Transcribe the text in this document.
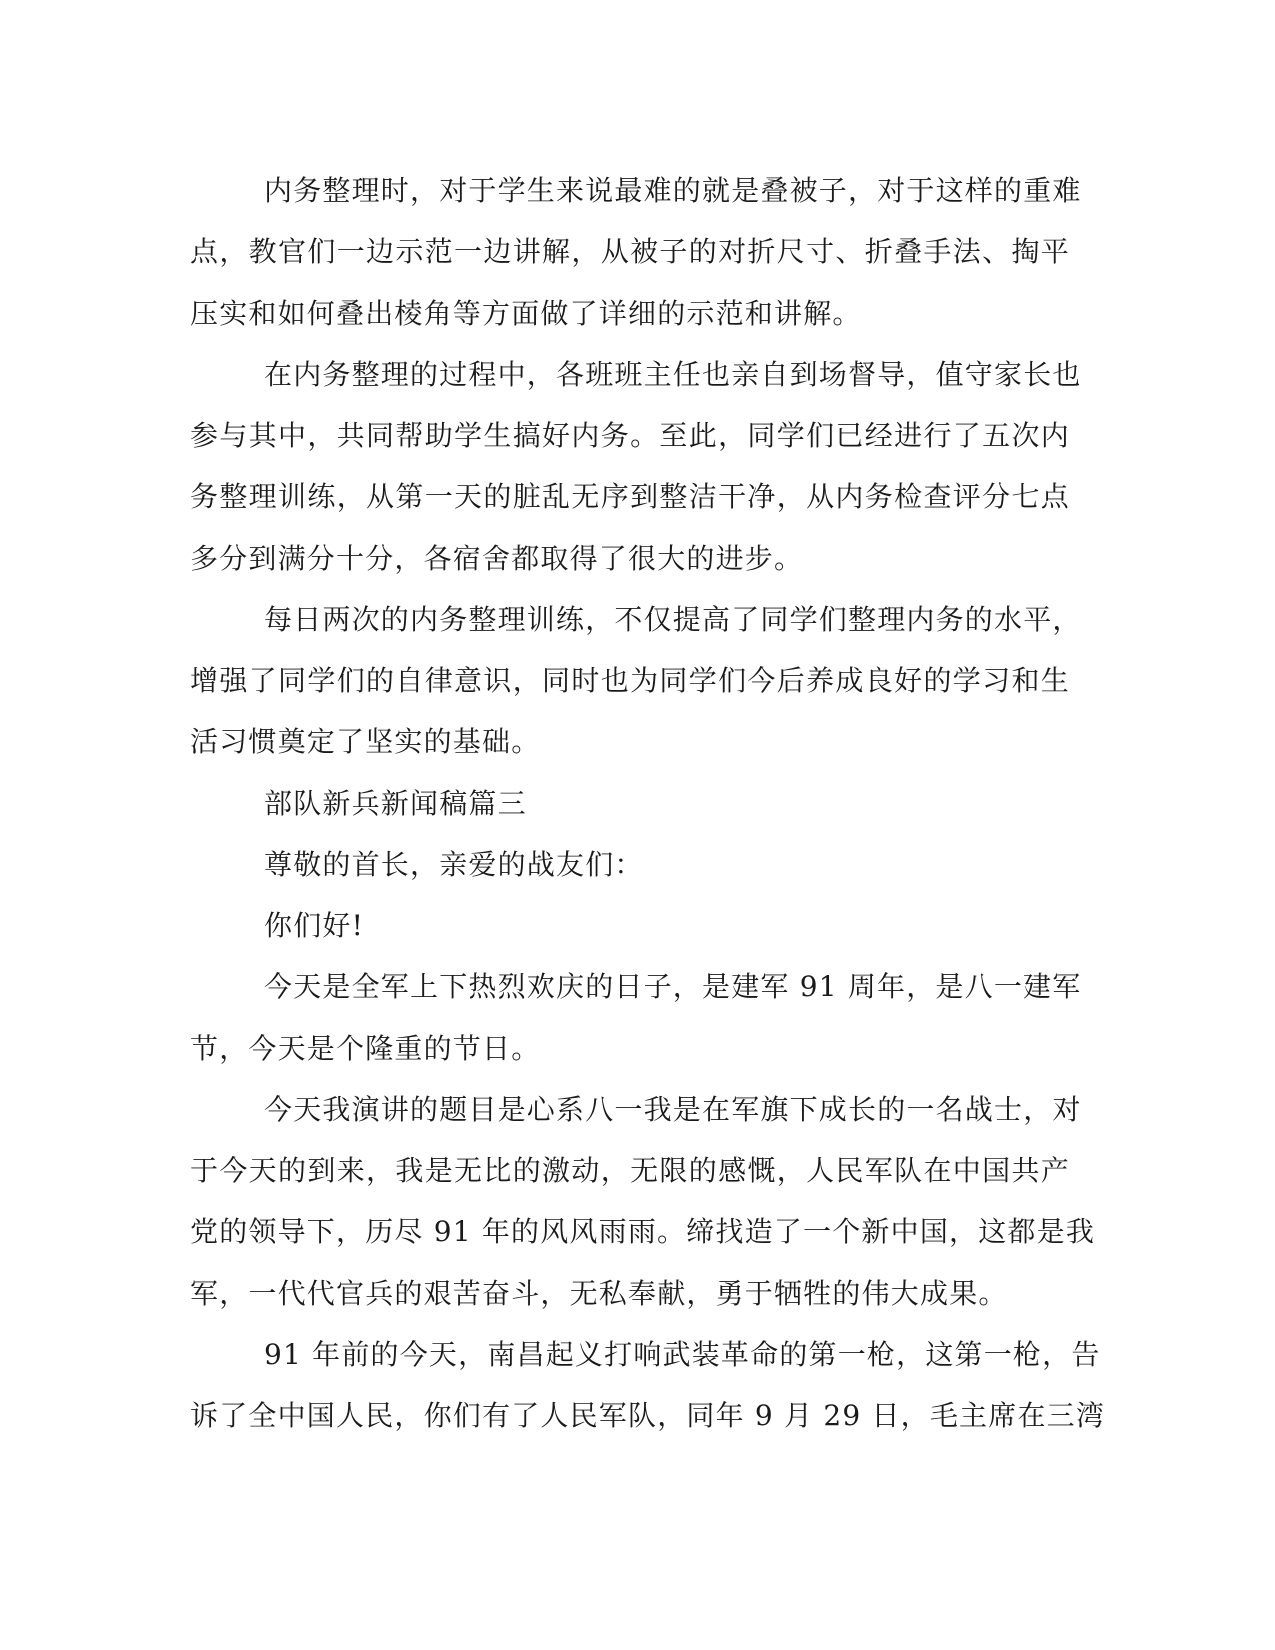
内务整理时，对于学生来说最难的就是叠被子，对于这样的重难
点，教官们一边示范一边讲解，从被子的对折尺寸、折叠手法、掏平
压实和如何叠出棱角等方面做了详细的示范和讲解。
在内务整理的过程中，各班班主任也亲自到场督导，值守家长也
参与其中，共同帮助学生搞好内务。至此，同学们已经进行了五次内
务整理训练，从第一天的脏乱无序到整洁干净，从内务检查评分七点
多分到满分十分，各宿舍都取得了很大的进步。
每日两次的内务整理训练，不仅提高了同学们整理内务的水平，
增强了同学们的自律意识，同时也为同学们今后养成良好的学习和生
活习惯奠定了坚实的基础。
部队新兵新闻稿篇三
尊敬的首长，亲爱的战友们：
你们好!
今天是全军上下热烈欢庆的日子，是建军 91 周年，是八一建军
节，今天是个隆重的节日。
今天我演讲的题目是心系八一我是在军旗下成长的一名战士，对
于今天的到来，我是无比的激动，无限的感慨，人民军队在中国共产
党的领导下，历尽 91 年的风风雨雨。缔找造了一个新中国，这都是我
军，一代代官兵的艰苦奋斗，无私奉献，勇于牺牲的伟大成果。
91 年前的今天，南昌起义打响武装革命的第一枪，这第一枪，告
诉了全中国人民，你们有了人民军队，同年 9 月 29 日，毛主席在三湾
